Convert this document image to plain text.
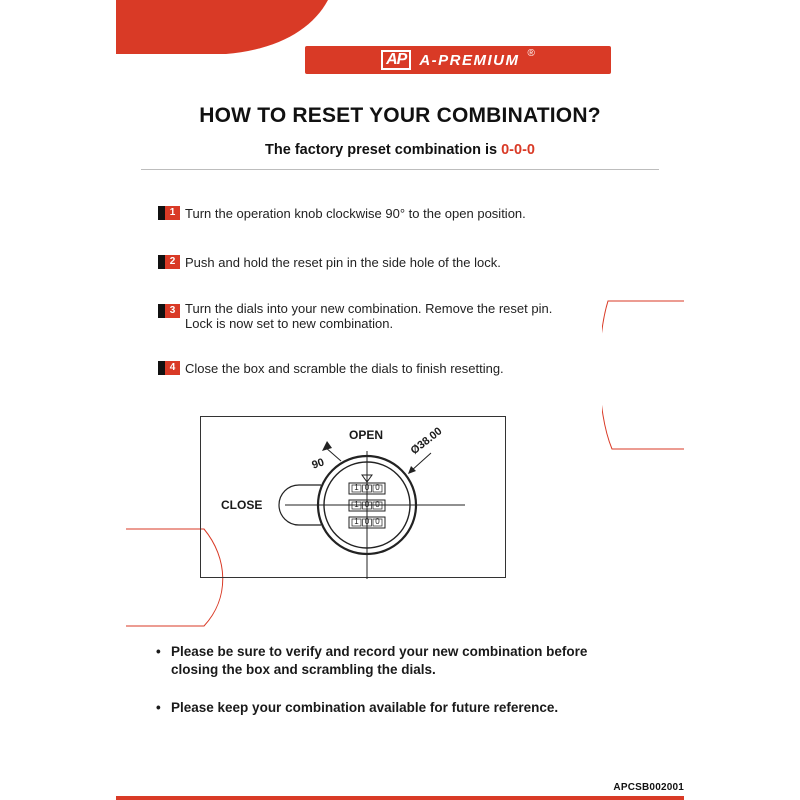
AP A-PREMIUM ®
HOW TO RESET YOUR COMBINATION?
The factory preset combination is 0-0-0
1 Turn the operation knob clockwise 90° to the open position.
2 Push and hold the reset pin in the side hole of the lock.
3 Turn the dials into your new combination. Remove the reset pin.
Lock is now set to new combination.
4 Close the box and scramble the dials to finish resetting.
OPEN
CLOSE
90
Ø38.00
1 0 0
1 0 0
1 0 0
• Please be sure to verify and record your new combination before
closing the box and scrambling the dials.
• Please keep your combination available for future reference.
APCSB002001
